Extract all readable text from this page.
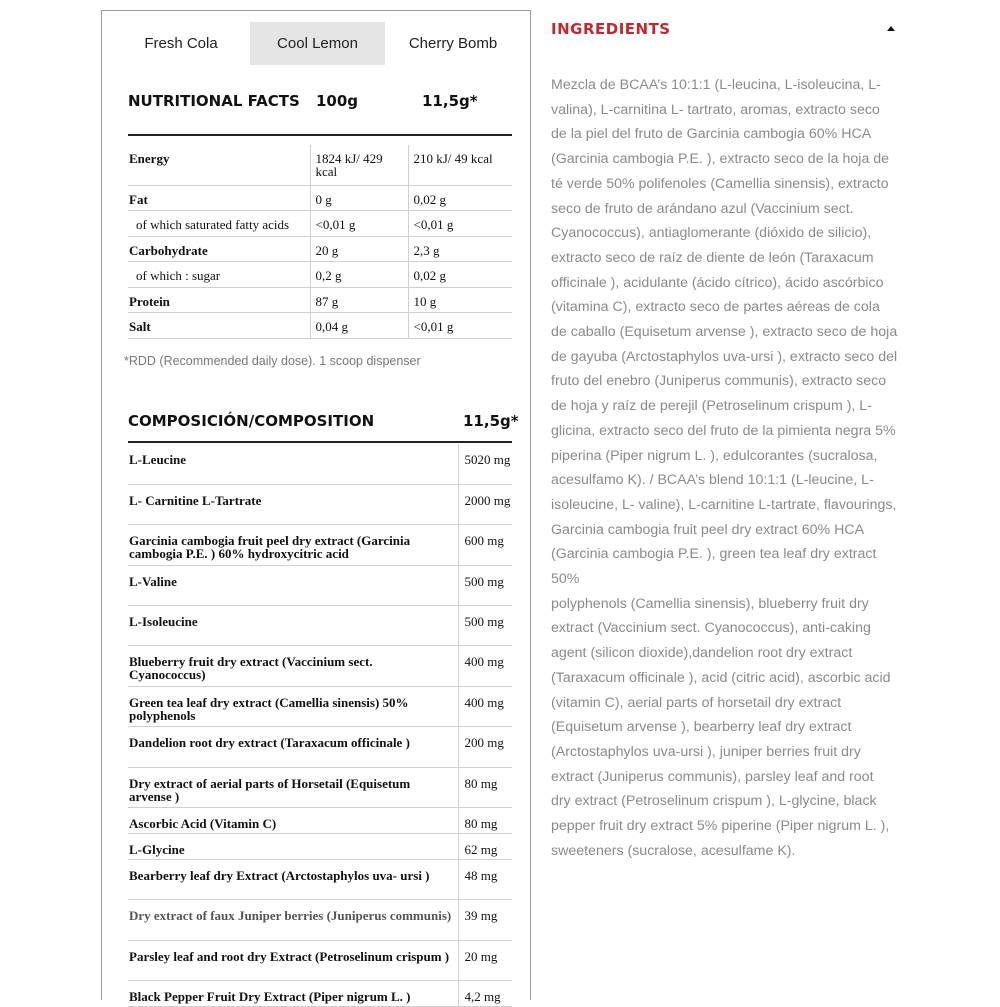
Fresh Cola	Cool Lemon	Cherry Bomb
NUTRITIONAL FACTS	100g	11,5g*
Energy	1824 kJ/ 429 kcal	210 kJ/ 49 kcal
Fat	0 g	0,02 g
of which saturated fatty acids	<0,01 g	<0,01 g
Carbohydrate	20 g	2,3 g
of which : sugar	0,2 g	0,02 g
Protein	87 g	10 g
Salt	0,04 g	<0,01 g
*RDD (Recommended daily dose). 1 scoop dispenser
COMPOSICIÓN/COMPOSITION	11,5g*
L-Leucine	5020 mg
L- Carnitine L-Tartrate	2000 mg
Garcinia cambogia fruit peel dry extract (Garcinia cambogia P.E. ) 60% hydroxycitric acid	600 mg
L-Valine	500 mg
L-Isoleucine	500 mg
Blueberry fruit dry extract (Vaccinium sect. Cyanococcus)	400 mg
Green tea leaf dry extract (Camellia sinensis) 50% polyphenols	400 mg
Dandelion root dry extract (Taraxacum officinale )	200 mg
Dry extract of aerial parts of Horsetail (Equisetum arvense )	80 mg
Ascorbic Acid (Vitamin C)	80 mg
L-Glycine	62 mg
Bearberry leaf dry Extract (Arctostaphylos uva- ursi )	48 mg
Dry extract of faux Juniper berries (Juniperus communis)	39 mg
Parsley leaf and root dry Extract (Petroselinum crispum )	20 mg
Black Pepper Fruit Dry Extract (Piper nigrum L. )	4,2 mg
INGREDIENTS
Mezcla de BCAA’s 10:1:1 (L-leucina, L-isoleucina, L-
valina), L-carnitina L- tartrato, aromas, extracto seco
de la piel del fruto de Garcinia cambogia 60% HCA
(Garcinia cambogia P.E. ), extracto seco de la hoja de
té verde 50% polifenoles (Camellia sinensis), extracto
seco de fruto de arándano azul (Vaccinium sect.
Cyanococcus), antiaglomerante (dióxido de silicio),
extracto seco de raíz de diente de león (Taraxacum
officinale ), acidulante (ácido cítrico), ácido ascórbico
(vitamina C), extracto seco de partes aéreas de cola
de caballo (Equisetum arvense ), extracto seco de hoja
de gayuba (Arctostaphylos uva-ursi ), extracto seco del
fruto del enebro (Juniperus communis), extracto seco
de hoja y raíz de perejil (Petroselinum crispum ), L-
glicina, extracto seco del fruto de la pimienta negra 5%
piperina (Piper nigrum L. ), edulcorantes (sucralosa,
acesulfamo K). / BCAA’s blend 10:1:1 (L-leucine, L-
isoleucine, L- valine), L-carnitine L-tartrate, flavourings,
Garcinia cambogia fruit peel dry extract 60% HCA
(Garcinia cambogia P.E. ), green tea leaf dry extract
50%
polyphenols (Camellia sinensis), blueberry fruit dry
extract (Vaccinium sect. Cyanococcus), anti-caking
agent (silicon dioxide),dandelion root dry extract
(Taraxacum officinale ), acid (citric acid), ascorbic acid
(vitamin C), aerial parts of horsetail dry extract
(Equisetum arvense ), bearberry leaf dry extract
(Arctostaphylos uva-ursi ), juniper berries fruit dry
extract (Juniperus communis), parsley leaf and root
dry extract (Petroselinum crispum ), L-glycine, black
pepper fruit dry extract 5% piperine (Piper nigrum L. ),
sweeteners (sucralose, acesulfame K).
